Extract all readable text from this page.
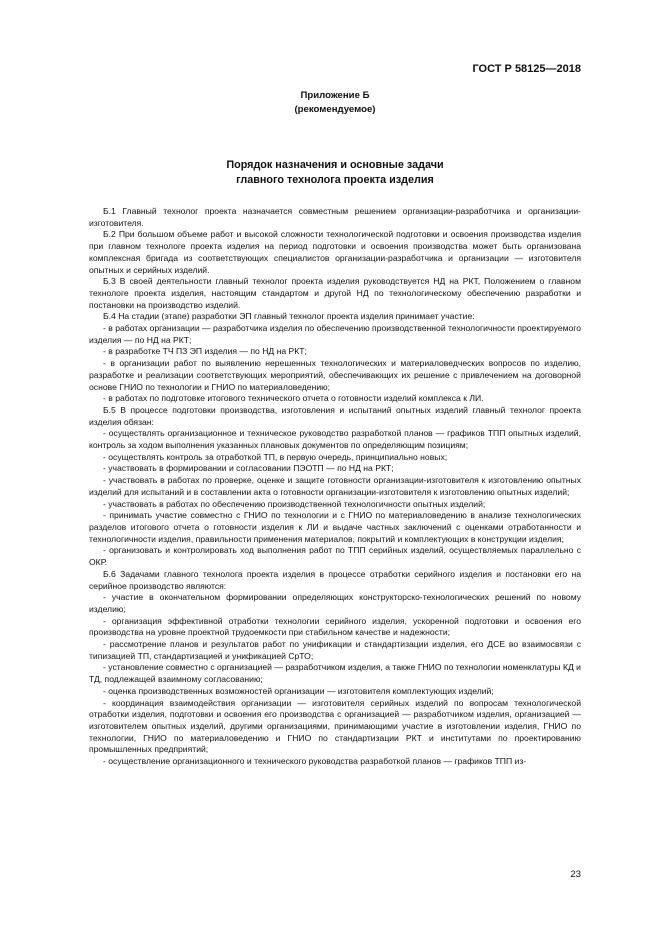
ГОСТ Р 58125—2018
Приложение Б
(рекомендуемое)
Порядок назначения и основные задачи
главного технолога проекта изделия

Б.1 Главный технолог проекта назначается совместным решением организации-разработчика и организации-изготовителя.

Б.2 При большом объеме работ и высокой сложности технологической подготовки и освоения производства изделия при главном технологе проекта изделия на период подготовки и освоения производства может быть организована комплексная бригада из соответствующих специалистов организации-разработчика и организации — изготовителя опытных и серийных изделий.

Б.3 В своей деятельности главный технолог проекта изделия руководствуется НД на РКТ, Положением о главном технологе проекта изделия, настоящим стандартом и другой НД по технологическому обеспечению разработки и постановки на производство изделий.

Б.4 На стадии (этапе) разработки ЭП главный технолог проекта изделия принимает участие:

- в работах организации — разработчика изделия по обеспечению производственной технологичности проектируемого изделия — по НД на РКТ;

- в разработке ТЧ ПЗ ЭП изделия — по НД на РКТ;

- в организации работ по выявлению нерешенных технологических и материаловедческих вопросов по изделию, разработке и реализации соответствующих мероприятий, обеспечивающих их решение с привлечением на договорной основе ГНИО по технологии и ГНИО по материаловедению;

- в работах по подготовке итогового технического отчета о готовности изделий комплекса к ЛИ.

Б.5 В процессе подготовки производства, изготовления и испытаний опытных изделий главный технолог проекта изделия обязан:

- осуществлять организационное и техническое руководство разработкой планов — графиков ТПП опытных изделий, контроль за ходом выполнения указанных плановых документов по определяющим позициям;

- осуществлять контроль за отработкой ТП, в первую очередь, принципиально новых;

- участвовать в формировании и согласовании ПЭОТП — по НД на РКТ;

- участвовать в работах по проверке, оценке и защите готовности организации-изготовителя к изготовлению опытных изделий для испытаний и в составлении акта о готовности организации-изготовителя к изготовлению опытных изделий;

- участвовать в работах по обеспечению производственной технологичности опытных изделий;

- принимать участие совместно с ГНИО по технологии и с ГНИО по материаловедению в анализе технологических разделов итогового отчета о готовности изделия к ЛИ и выдаче частных заключений с оценками отработанности и технологичности изделия, правильности применения материалов, покрытий и комплектующих в конструкции изделия;

- организовать и контролировать ход выполнения работ по ТПП серийных изделий, осуществляемых параллельно с ОКР.

Б.6 Задачами главного технолога проекта изделия в процессе отработки серийного изделия и постановки его на серийное производство являются:

- участие в окончательном формировании определяющих конструкторско-технологических решений по новому изделию;

- организация эффективной отработки технологии серийного изделия, ускоренной подготовки и освоения его производства на уровне проектной трудоемкости при стабильном качестве и надежности;

- рассмотрение планов и результатов работ по унификации и стандартизации изделия, его ДСЕ во взаимосвязи с типизацией ТП, стандартизацией и унификацией СрТО;

- установление совместно с организацией — разработчиком изделия, а также ГНИО по технологии номенклатуры КД и ТД, подлежащей взаимному согласованию;

- оценка производственных возможностей организации — изготовителя комплектующих изделий;

- координация взаимодействия организации — изготовителя серийных изделий по вопросам технологической отработки изделия, подготовки и освоения его производства с организацией — разработчиком изделия, организацией — изготовителем опытных изделий, другими организациями, принимающими участие в изготовлении изделия, ГНИО по технологии, ГНИО по материаловедению и ГНИО по стандартизации РКТ и институтами по проектированию промышленных предприятий;

- осуществление организационного и технического руководства разработкой планов — графиков ТПП из-

23
